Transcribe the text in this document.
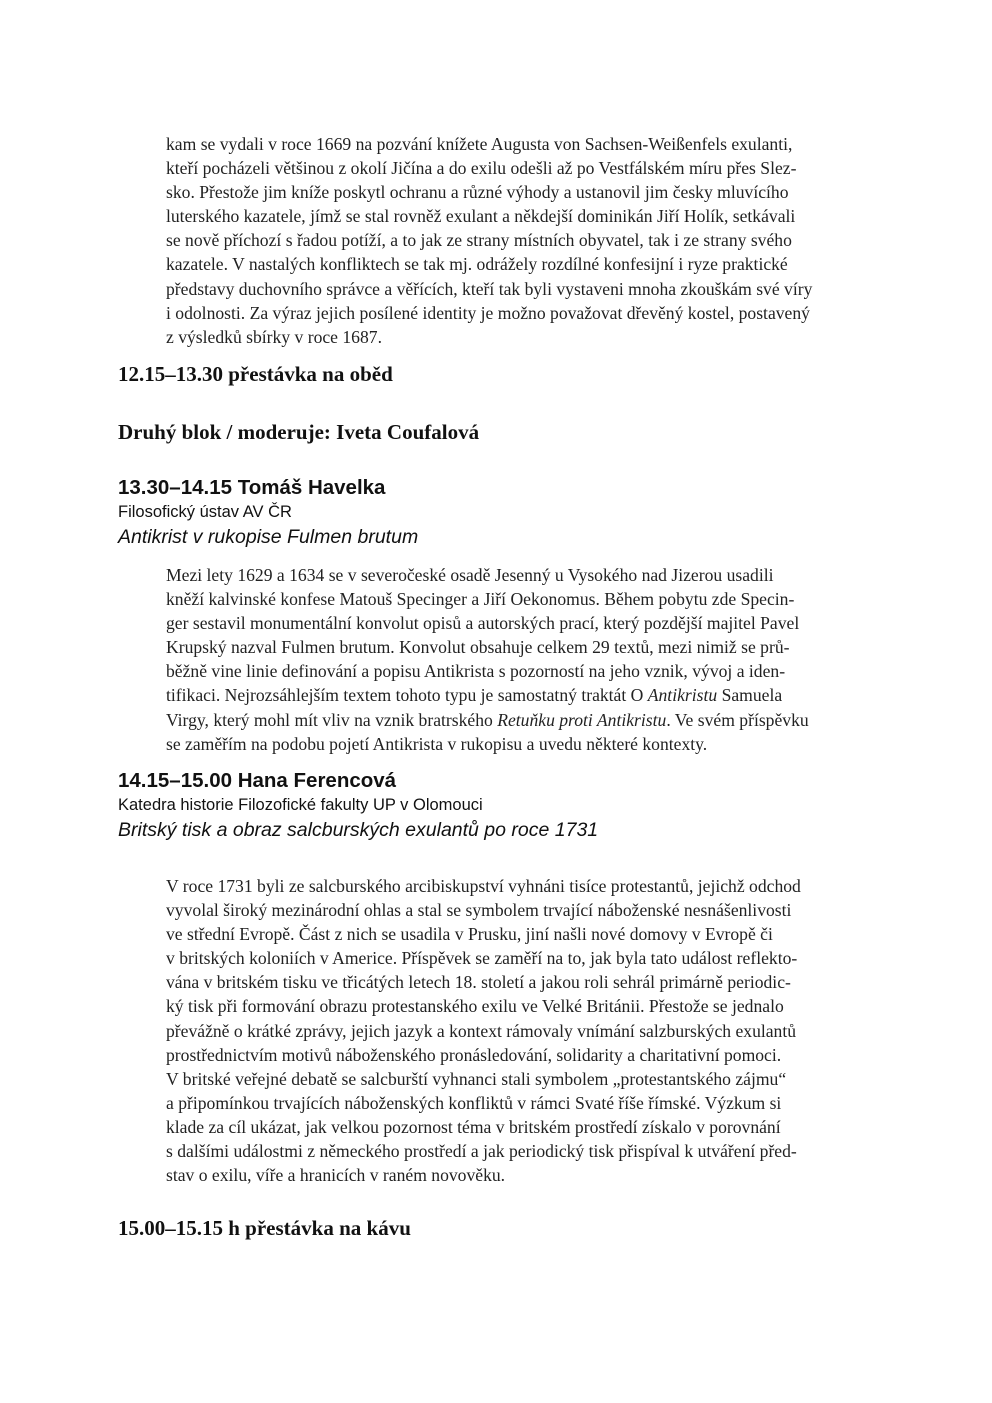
kam se vydali v roce 1669 na pozvání knížete Augusta von Sachsen-Weißenfels exulanti,
kteří pocházeli většinou z okolí Jičína a do exilu odešli až po Vestfálském míru přes Slez-
sko. Přestože jim kníže poskytl ochranu a různé výhody a ustanovil jim česky mluvícího
luterského kazatele, jímž se stal rovněž exulant a někdejší dominikán Jiří Holík, setkávali
se nově příchozí s řadou potíží, a to jak ze strany místních obyvatel, tak i ze strany svého
kazatele. V nastalých konfliktech se tak mj. odrážely rozdílné konfesijní i ryze praktické
představy duchovního správce a věřících, kteří tak byli vystaveni mnoha zkouškám své víry
i odolnosti. Za výraz jejich posílené identity je možno považovat dřevěný kostel, postavený
z výsledků sbírky v roce 1687.
12.15–13.30 přestávka na oběd
Druhý blok / moderuje: Iveta Coufalová
13.30–14.15 Tomáš Havelka
Filosofický ústav AV ČR
Antikrist v rukopise Fulmen brutum
Mezi lety 1629 a 1634 se v severočeské osadě Jesenný u Vysokého nad Jizerou usadili
kněží kalvinské konfese Matouš Specinger a Jiří Oekonomus. Během pobytu zde Specin-
ger sestavil monumentální konvolut opisů a autorských prací, který pozdější majitel Pavel
Krupský nazval Fulmen brutum. Konvolut obsahuje celkem 29 textů, mezi nimiž se prů-
běžně vine linie definování a popisu Antikrista s pozorností na jeho vznik, vývoj a iden-
tifikaci. Nejrozsáhlejším textem tohoto typu je samostatný traktát O Antikristu Samuela
Virgy, který mohl mít vliv na vznik bratrského Retuňku proti Antikristu. Ve svém příspěvku
se zaměřím na podobu pojetí Antikrista v rukopisu a uvedu některé kontexty.
14.15–15.00 Hana Ferencová
Katedra historie Filozofické fakulty UP v Olomouci
Britský tisk a obraz salcburských exulantů po roce 1731
V roce 1731 byli ze salcburského arcibiskupství vyhnáni tisíce protestantů, jejichž odchod
vyvolal široký mezinárodní ohlas a stal se symbolem trvající náboženské nesnášenlivosti
ve střední Evropě. Část z nich se usadila v Prusku, jiní našli nové domovy v Evropě či
v britských koloniích v Americe. Příspěvek se zaměří na to, jak byla tato událost reflekto-
vána v britském tisku ve třicátých letech 18. století a jakou roli sehrál primárně periodic-
ký tisk při formování obrazu protestanského exilu ve Velké Británii. Přestože se jednalo
převážně o krátké zprávy, jejich jazyk a kontext rámovaly vnímání salzburských exulantů
prostřednictvím motivů náboženského pronásledování, solidarity a charitativní pomoci.
V britské veřejné debatě se salcburští vyhnanci stali symbolem „protestantského zájmu“
a připomínkou trvajících náboženských konfliktů v rámci Svaté říše římské. Výzkum si
klade za cíl ukázat, jak velkou pozornost téma v britském prostředí získalo v porovnání
s dalšími událostmi z německého prostředí a jak periodický tisk přispíval k utváření před-
stav o exilu, víře a hranicích v raném novověku.
15.00–15.15 h přestávka na kávu
